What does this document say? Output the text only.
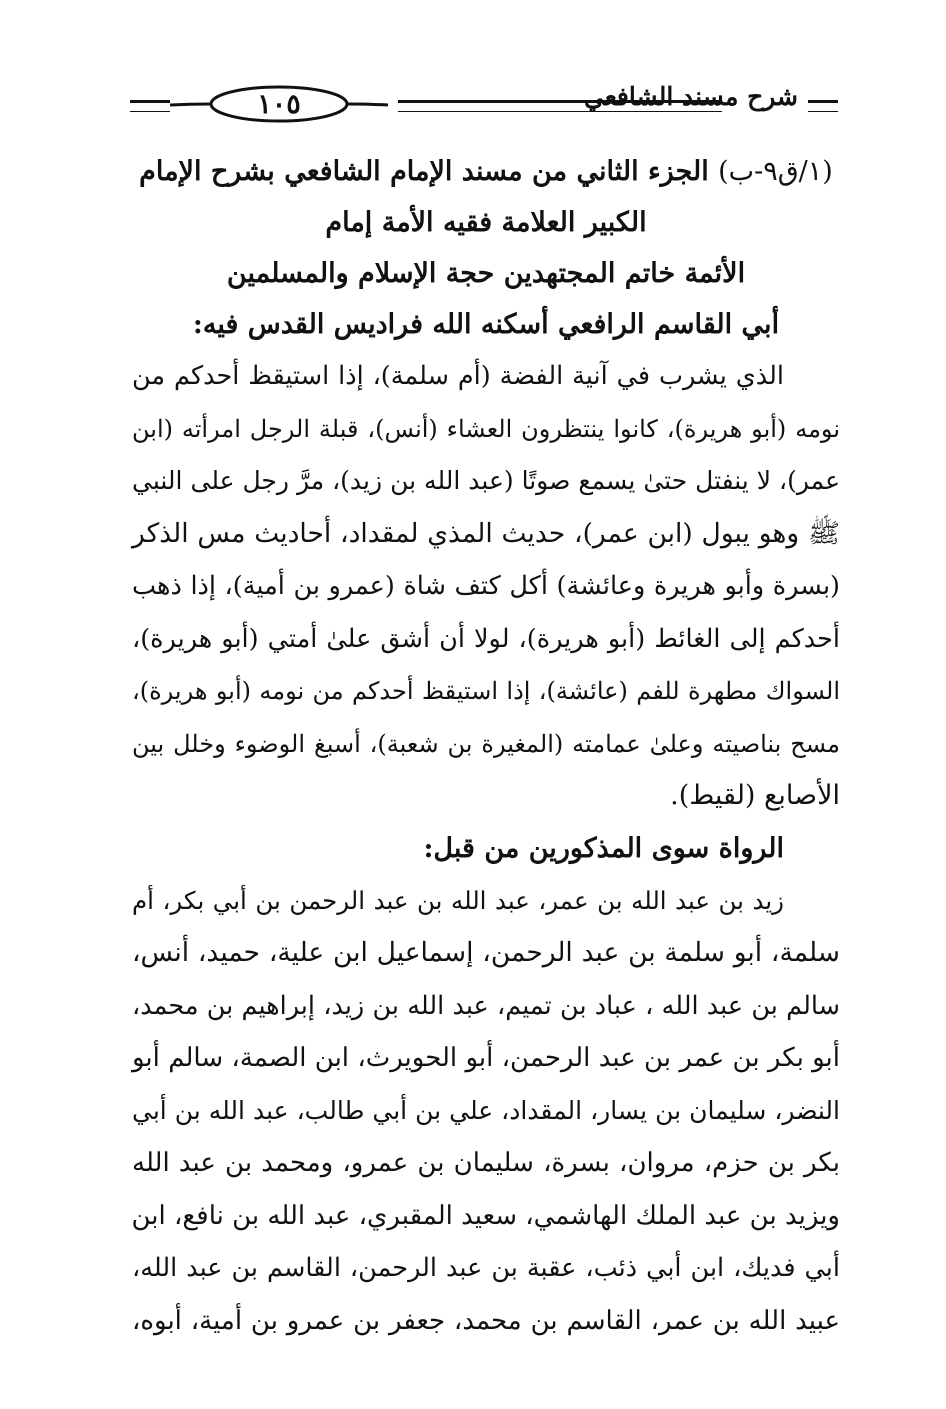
١٠٥	شرح مسند الشافعي
(١/ق٩-ب) الجزء الثاني من مسند الإمام الشافعي بشرح الإمام
الكبير العلامة فقيه الأمة إمام
الأئمة خاتم المجتهدين حجة الإسلام والمسلمين
أبي القاسم الرافعي أسكنه الله فراديس القدس فيه:
الذي يشرب في آنية الفضة (أم سلمة)، إذا استيقظ أحدكم من
نومه (أبو هريرة)، كانوا ينتظرون العشاء (أنس)، قبلة الرجل امرأته (ابن
عمر)، لا ينفتل حتىٰ يسمع صوتًا (عبد الله بن زيد)، مرَّ رجل على النبي
ﷺ وهو يبول (ابن عمر)، حديث المذي لمقداد، أحاديث مس الذكر
(بسرة وأبو هريرة وعائشة) أكل كتف شاة (عمرو بن أمية)، إذا ذهب
أحدكم إلى الغائط (أبو هريرة)، لولا أن أشق علىٰ أمتي (أبو هريرة)،
السواك مطهرة للفم (عائشة)، إذا استيقظ أحدكم من نومه (أبو هريرة)،
مسح بناصيته وعلىٰ عمامته (المغيرة بن شعبة)، أسبغ الوضوء وخلل بين
الأصابع (لقيط).
الرواة سوى المذكورين من قبل:
زيد بن عبد الله بن عمر، عبد الله بن عبد الرحمن بن أبي بكر، أم
سلمة، أبو سلمة بن عبد الرحمن، إسماعيل ابن علية، حميد، أنس،
سالم بن عبد الله ، عباد بن تميم، عبد الله بن زيد، إبراهيم بن محمد،
أبو بكر بن عمر بن عبد الرحمن، أبو الحويرث، ابن الصمة، سالم أبو
النضر، سليمان بن يسار، المقداد، علي بن أبي طالب، عبد الله بن أبي
بكر بن حزم، مروان، بسرة، سليمان بن عمرو، ومحمد بن عبد الله
ويزيد بن عبد الملك الهاشمي، سعيد المقبري، عبد الله بن نافع، ابن
أبي فديك، ابن أبي ذئب، عقبة بن عبد الرحمن، القاسم بن عبد الله،
عبيد الله بن عمر، القاسم بن محمد، جعفر بن عمرو بن أمية، أبوه،
